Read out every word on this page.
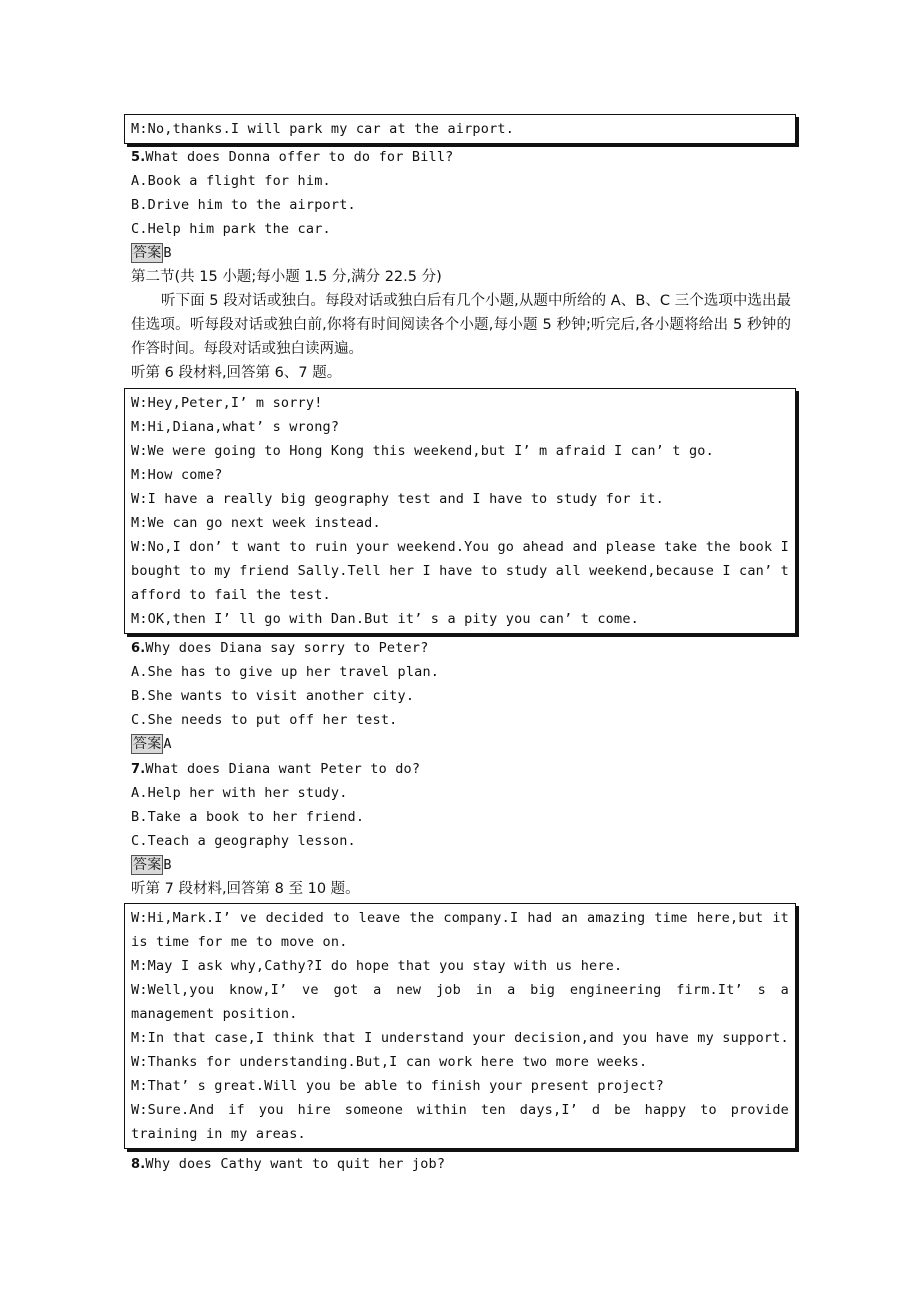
M:No,thanks.I will park my car at the airport.
5.What does Donna offer to do for Bill?
A.Book a flight for him.
B.Drive him to the airport.
C.Help him park the car.
答案 B
第二节(共 15 小题;每小题 1.5 分,满分 22.5 分)
听下面 5 段对话或独白。每段对话或独白后有几个小题,从题中所给的 A、B、C 三个选项中选出最佳选项。听每段对话或独白前,你将有时间阅读各个小题,每小题 5 秒钟;听完后,各小题将给出 5 秒钟的作答时间。每段对话或独白读两遍。
听第 6 段材料,回答第 6、7 题。
W:Hey,Peter,I’ m sorry!
M:Hi,Diana,what’ s wrong?
W:We were going to Hong Kong this weekend,but I’ m afraid I can’ t go.
M:How come?
W:I have a really big geography test and I have to study for it.
M:We can go next week instead.
W:No,I don’ t want to ruin your weekend.You go ahead and please take the book I bought to my friend Sally.Tell her I have to study all weekend,because I can’ t afford to fail the test.
M:OK,then I’ ll go with Dan.But it’ s a pity you can’ t come.
6.Why does Diana say sorry to Peter?
A.She has to give up her travel plan.
B.She wants to visit another city.
C.She needs to put off her test.
答案 A
7.What does Diana want Peter to do?
A.Help her with her study.
B.Take a book to her friend.
C.Teach a geography lesson.
答案 B
听第 7 段材料,回答第 8 至 10 题。
W:Hi,Mark.I’ ve decided to leave the company.I had an amazing time here,but it is time for me to move on.
M:May I ask why,Cathy?I do hope that you stay with us here.
W:Well,you know,I’ ve got a new job in a big engineering firm.It’ s a management position.
M:In that case,I think that I understand your decision,and you have my support.
W:Thanks for understanding.But,I can work here two more weeks.
M:That’ s great.Will you be able to finish your present project?
W:Sure.And if you hire someone within ten days,I’ d be happy to provide training in my areas.
8.Why does Cathy want to quit her job?
